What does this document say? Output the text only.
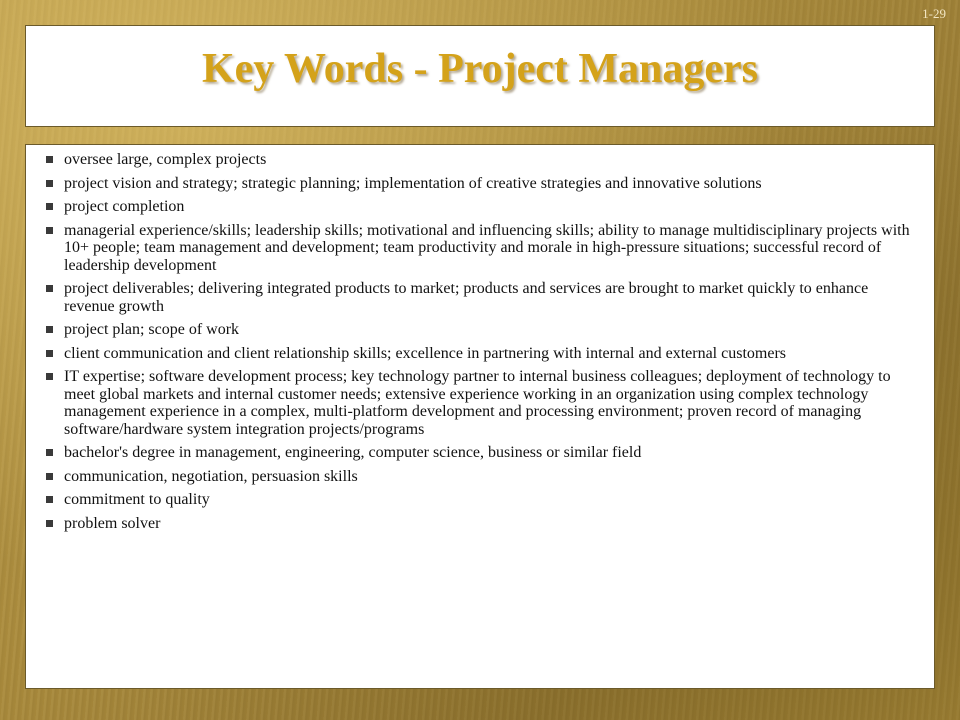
1-29
Key Words - Project Managers
oversee large, complex projects
project vision and strategy; strategic planning; implementation of creative strategies and innovative solutions
project completion
managerial experience/skills; leadership skills; motivational and influencing skills; ability to manage multidisciplinary projects with 10+ people; team management and development; team productivity and morale in high-pressure situations; successful record of leadership development
project deliverables; delivering integrated products to market; products and services are brought to market quickly to enhance revenue growth
project plan; scope of work
client communication and client relationship skills; excellence in partnering with internal and external customers
IT expertise; software development process; key technology partner to internal business colleagues; deployment of technology to meet global markets and internal customer needs; extensive experience working in an organization using complex technology management experience in a complex, multi-platform development and processing environment; proven record of managing software/hardware system integration projects/programs
bachelor's degree in management, engineering, computer science, business or similar field
communication, negotiation, persuasion skills
commitment to quality
problem solver
